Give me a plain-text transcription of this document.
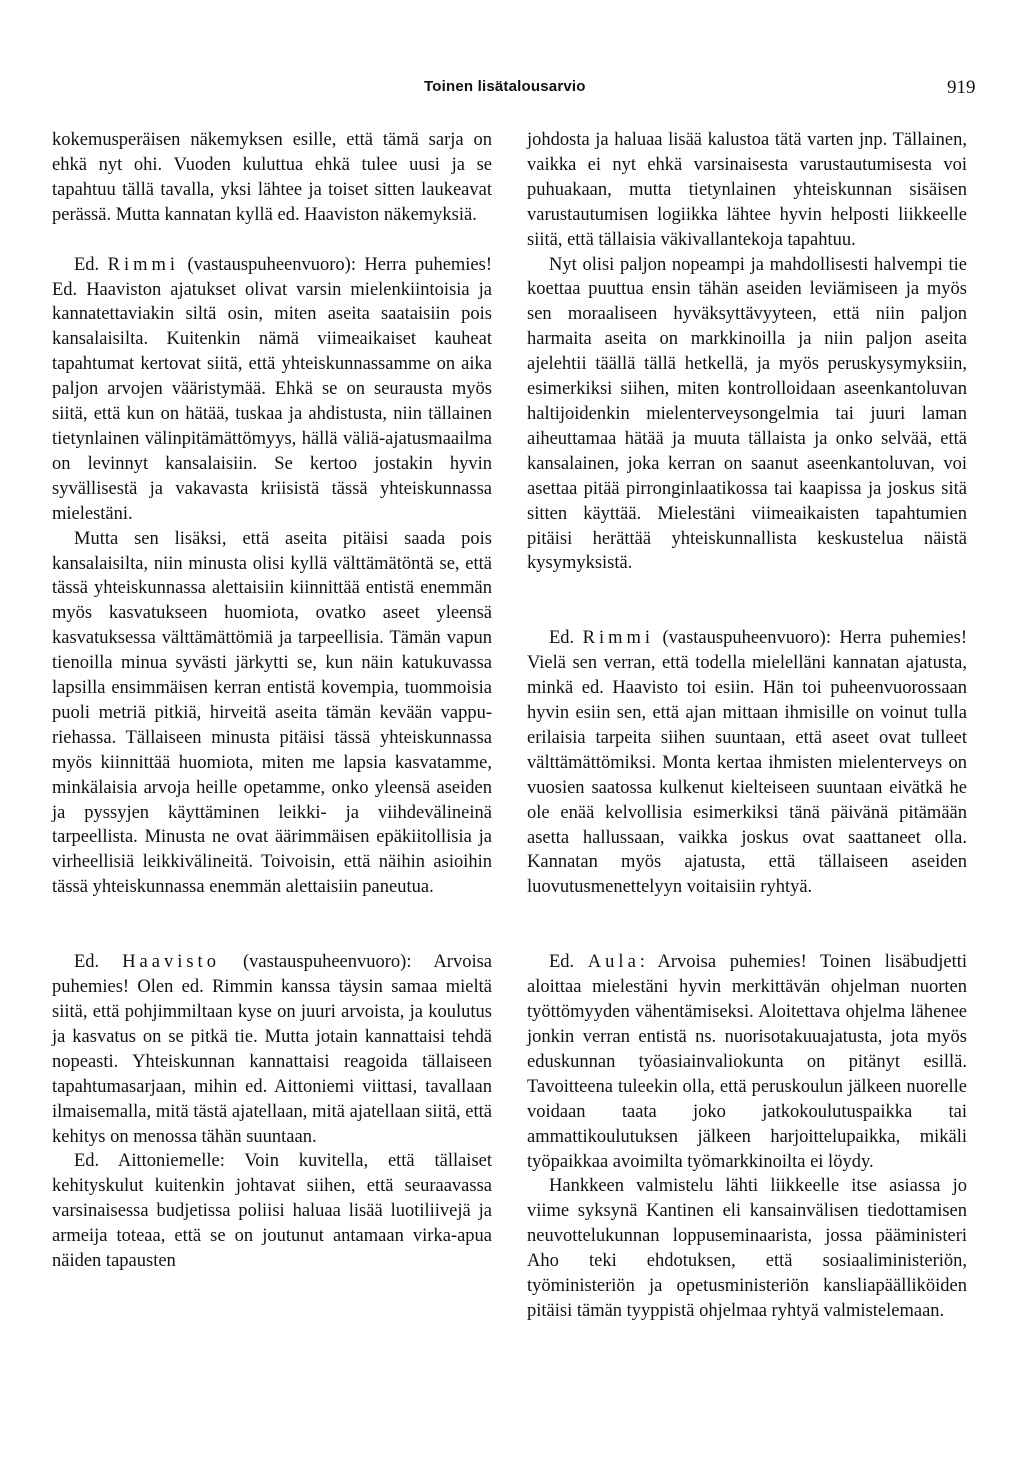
Toinen lisätalousarvio	919

kokemusperäisen näkemyksen esille, että tämä sarja on ehkä nyt ohi. Vuoden kuluttua ehkä tulee uusi ja se tapahtuu tällä tavalla, yksi lähtee ja toiset sitten laukeavat perässä. Mutta kannatan kyllä ed. Haaviston näkemyksiä.

Ed. Rimmi (vastauspuheenvuoro): Herra puhemies! Ed. Haaviston ajatukset olivat varsin mielenkiintoisia ja kannatettaviakin siltä osin, miten aseita saataisiin pois kansalaisilta. Kuitenkin nämä viimeaikaiset kauheat tapahtumat kertovat siitä, että yhteiskunnassamme on aika paljon arvojen vääristymää. Ehkä se on seurausta myös siitä, että kun on hätää, tuskaa ja ahdistusta, niin tällainen tietynlainen välinpitämättömyys, hällä väliä-ajatusmaailma on levinnyt kansalaisiin. Se kertoo jostakin hyvin syvällisestä ja vakavasta kriisistä tässä yhteiskunnassa mielestäni.

Mutta sen lisäksi, että aseita pitäisi saada pois kansalaisilta, niin minusta olisi kyllä välttämätöntä se, että tässä yhteiskunnassa alettaisiin kiinnittää entistä enemmän myös kasvatukseen huomiota, ovatko aseet yleensä kasvatuksessa välttämättömiä ja tarpeellisia. Tämän vapun tienoilla minua syvästi järkytti se, kun näin katukuvassa lapsilla ensimmäisen kerran entistä kovempia, tuommoisia puoli metriä pitkiä, hirveitä aseita tämän kevään vappu-riehassa. Tällaiseen minusta pitäisi tässä yhteiskunnassa myös kiinnittää huomiota, miten me lapsia kasvatamme, minkälaisia arvoja heille opetamme, onko yleensä aseiden ja pyssyjen käyttäminen leikki- ja viihdevälineinä tarpeellista. Minusta ne ovat äärimmäisen epäkiitollisia ja virheellisiä leikkivälineitä. Toivoisin, että näihin asioihin tässä yhteiskunnassa enemmän alettaisiin paneutua.

Ed. Haavisto (vastauspuheenvuoro): Arvoisa puhemies! Olen ed. Rimmin kanssa täysin samaa mieltä siitä, että pohjimmiltaan kyse on juuri arvoista, ja koulutus ja kasvatus on se pitkä tie. Mutta jotain kannattaisi tehdä nopeasti. Yhteiskunnan kannattaisi reagoida tällaiseen tapahtumasarjaan, mihin ed. Aittoniemi viittasi, tavallaan ilmaisemalla, mitä tästä ajatellaan, mitä ajatellaan siitä, että kehitys on menossa tähän suuntaan.

Ed. Aittoniemelle: Voin kuvitella, että tällaiset kehityskulut kuitenkin johtavat siihen, että seuraavassa varsinaisessa budjetissa poliisi haluaa lisää luotiliivejä ja armeija toteaa, että se on joutunut antamaan virka-apua näiden tapausten

johdosta ja haluaa lisää kalustoa tätä varten jnp. Tällainen, vaikka ei nyt ehkä varsinaisesta varustautumisesta voi puhuakaan, mutta tietynlainen yhteiskunnan sisäisen varustautumisen logiikka lähtee hyvin helposti liikkeelle siitä, että tällaisia väkivallantekoja tapahtuu.

Nyt olisi paljon nopeampi ja mahdollisesti halvempi tie koettaa puuttua ensin tähän aseiden leviämiseen ja myös sen moraaliseen hyväksyttävyyteen, että niin paljon harmaita aseita on markkinoilla ja niin paljon aseita ajelehtii täällä tällä hetkellä, ja myös peruskysymyksiin, esimerkiksi siihen, miten kontrolloidaan aseenkantoluvan haltijoidenkin mielenterveysongelmia tai juuri laman aiheuttamaa hätää ja muuta tällaista ja onko selvää, että kansalainen, joka kerran on saanut aseenkantoluvan, voi asettaa pitää pirronginlaatikossa tai kaapissa ja joskus sitä sitten käyttää. Mielestäni viimeaikaisten tapahtumien pitäisi herättää yhteiskunnallista keskustelua näistä kysymyksistä.

Ed. Rimmi (vastauspuheenvuoro): Herra puhemies! Vielä sen verran, että todella mielelläni kannatan ajatusta, minkä ed. Haavisto toi esiin. Hän toi puheenvuorossaan hyvin esiin sen, että ajan mittaan ihmisille on voinut tulla erilaisia tarpeita siihen suuntaan, että aseet ovat tulleet välttämättömiksi. Monta kertaa ihmisten mielenterveys on vuosien saatossa kulkenut kielteiseen suuntaan eivätkä he ole enää kelvollisia esimerkiksi tänä päivänä pitämään asetta hallussaan, vaikka joskus ovat saattaneet olla. Kannatan myös ajatusta, että tällaiseen aseiden luovutusmenettelyyn voitaisiin ryhtyä.

Ed. Aula: Arvoisa puhemies! Toinen lisäbudjetti aloittaa mielestäni hyvin merkittävän ohjelman nuorten työttömyyden vähentämiseksi. Aloitettava ohjelma lähenee jonkin verran entistä ns. nuorisotakuuajatusta, jota myös eduskunnan työasiainvaliokunta on pitänyt esillä. Tavoitteena tuleekin olla, että peruskoulun jälkeen nuorelle voidaan taata joko jatkokoulutuspaikka tai ammattikoulutuksen jälkeen harjoittelupaikka, mikäli työpaikkaa avoimilta työmarkkinoilta ei löydy.

Hankkeen valmistelu lähti liikkeelle itse asiassa jo viime syksynä Kantinen eli kansainvälisen tiedottamisen neuvottelukunnan loppuseminaarista, jossa pääministeri Aho teki ehdotuksen, että sosiaaliministeriön, työministeriön ja opetusministeriön kansliapäälliköiden pitäisi tämän tyyppistä ohjelmaa ryhtyä valmistelemaan.
